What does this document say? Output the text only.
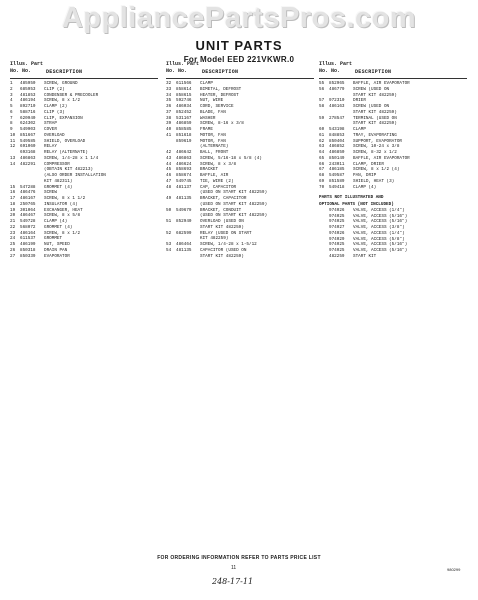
AppliancePartsPros.com
UNIT PARTS
For Model EED 221VKWR.0
Illus. Part
No. No.	DESCRIPTION
1	485950	SCREW, GROUND
2	685953	CLIP (2)
3	481853	CONDENSER & PRECOOLER
4	486194	SCREW, 8 x 1/2
5	892710	CLAMP (2)
6	588716	CLIP (3)
7	620940	CLIP, EXPANSION
8	624302	STRAP
9	549903	COVER
10	851667	OVERLOAD
11	549585	SHIELD, OVERLOAD
12	691060	RELAY
693168	RELAY (ALTERNATE)
13	486863	SCREW, 1/4-28 x 1 1/4
14	482291	COMPRESSOR
(OBTAIN KIT 482213)
(ALSO ORDER INSTALLATION
KIT 482311)
15	547288	GROMMET (4)
16	486476	SCREW
17	486167	SCREW, 8 x 1 1/2
18	250765	INSULATOR (4)
19	301064	EXCHANGER, HEAT
20	486467	SCREW, 8 x 5/8
21	549728	CLAMP (4)
22	568072	GROMMET (4)
23	486164	SCREW, 8 x 1/2
24	611537	GROMMET
25	486199	NUT, SPEED
26	850318	DRAIN PAN
27	850339	EVAPORATOR
Illus. Part
No. No.	DESCRIPTION
32	611566	CLAMP
33	858614	BIMETAL, DEFROST
34	858615	HEATER, DEFROST
35	592746	NUT, WIRE
36	486034	CORD, SERVICE
37	852452	BLADE, FAN
38	531167	WASHER
39	486859	SCREW, 8-16 x 3/8
40	858585	FRAME
41	851618	MOTOR, FAN
859619	MOTOR, FAN
(ALTERNATE)
42	486642	BALL, FRONT
43	486863	SCREW, 5/16-18 x 5/8 (4)
44	486624	SCREW, 8 x 3/8
45	858693	BRACKET
46	858674	BAFFLE, AIR
47	549745	TIE, WIRE (2)
48	481137	CAP, CAPACITOR
(USED ON START KIT 482259)
49	481135	BRACKET, CAPACITOR
(USED ON START KIT 482259)
50	549679	BRACKET, CONDUIT
(USED ON START KIT 482259)
51	852940	OVERLOAD (USED ON
START KIT 482259)
52	682599	RELAY (USED ON START
KIT 482259)
53	486464	SCREW, 1/4-28 x 1-5/12
54	481135	CAPACITOR (USED ON
START KIT 482259)
Illus. Part
No. No.	DESCRIPTION
55	852965	BAFFLE, AIR EVAPORATOR
56	486779	SCREW (USED ON
START KIT 482259)
57	972310	DRIER
58	486163	SCREW (USED ON
START KIT 482259)
59	278547	TERMINAL (USED ON
START KIT 482259)
60	543198	CLAMP
61	848853	TRAY, EVAPORATING
62	850404	SUPPORT, EVAPORATOR
63	486852	SCREW, 10-24 x 3/8
64	486850	SCREW, 8-32 x 1/2
65	850149	BAFFLE, AIR EVAPORATOR
66	243011	CLAMP, DRIER
67	486185	SCREW, 8 x 1/2 (4)
68	549587	PAN, DRIP
69	851589	SHIELD, HEAT (3)
70	549418	CLAMP (4)
PARTS NOT ILLUSTRATED AND
OPTIONAL PARTS (NOT INCLUDED)
974026	VALVE, ACCESS (1/4")
974025	VALVE, ACCESS (5/16")
974025	VALVE, ACCESS (5/16")
974027	VALVE, ACCESS (3/8")
974026	VALVE, ACCESS (1/4")
974029	VALVE, ACCESS (5/8")
974025	VALVE, ACCESS (5/16")
974025	VALVE, ACCESS (5/16")
482259	START KIT
FOR ORDERING INFORMATION REFER TO PARTS PRICE LIST
11	980299
248-17-11
